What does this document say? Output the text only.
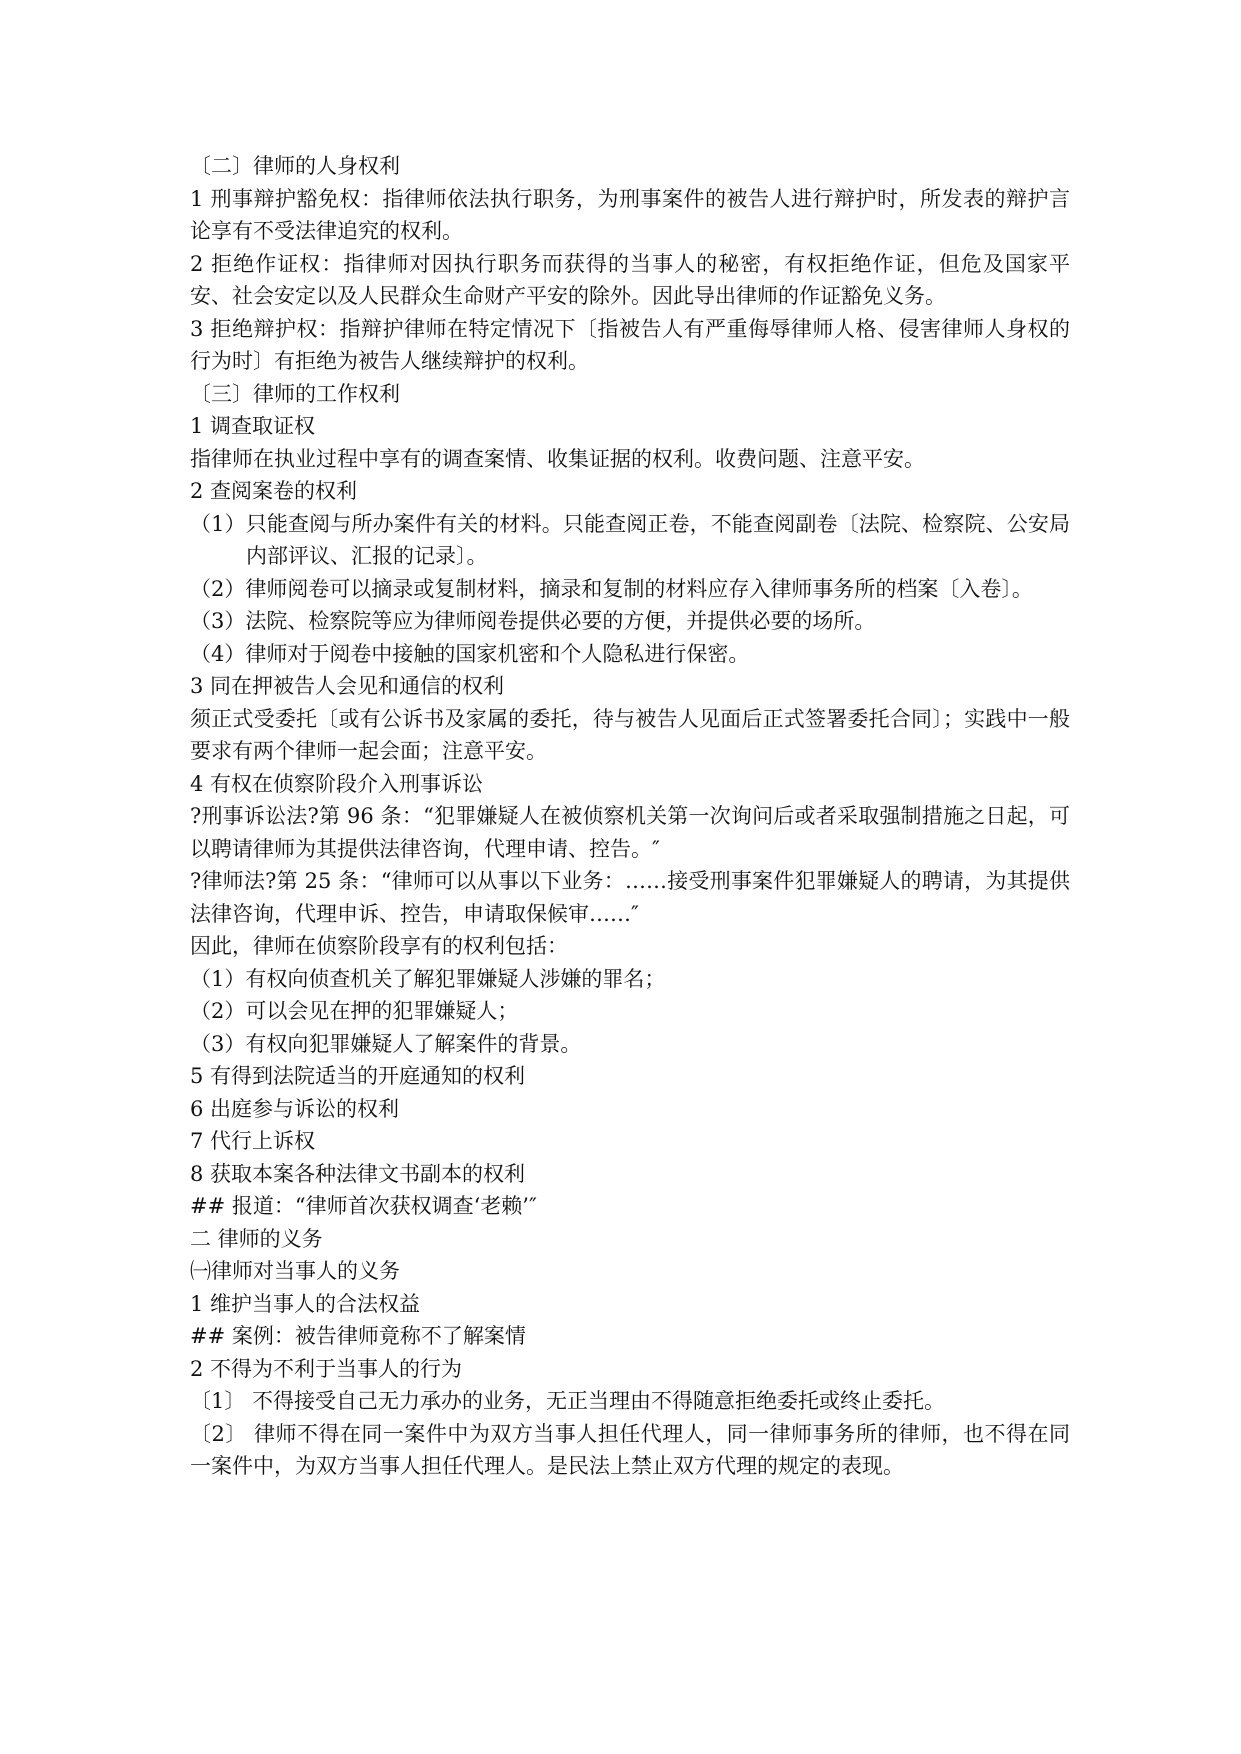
〔二〕律师的人身权利
1 刑事辩护豁免权：指律师依法执行职务，为刑事案件的被告人进行辩护时，所发表的辩护言论享有不受法律追究的权利。
2 拒绝作证权：指律师对因执行职务而获得的当事人的秘密，有权拒绝作证，但危及国家平安、社会安定以及人民群众生命财产平安的除外。因此导出律师的作证豁免义务。
3 拒绝辩护权：指辩护律师在特定情况下〔指被告人有严重侮辱律师人格、侵害律师人身权的行为时〕有拒绝为被告人继续辩护的权利。
〔三〕律师的工作权利
1 调查取证权
指律师在执业过程中享有的调查案情、收集证据的权利。收费问题、注意平安。
2 查阅案卷的权利
（1）只能查阅与所办案件有关的材料。只能查阅正卷，不能查阅副卷〔法院、检察院、公安局内部评议、汇报的记录〕。
（2）律师阅卷可以摘录或复制材料，摘录和复制的材料应存入律师事务所的档案〔入卷〕。
（3）法院、检察院等应为律师阅卷提供必要的方便，并提供必要的场所。
（4）律师对于阅卷中接触的国家机密和个人隐私进行保密。
3 同在押被告人会见和通信的权利
须正式受委托〔或有公诉书及家属的委托，待与被告人见面后正式签署委托合同〕；实践中一般要求有两个律师一起会面；注意平安。
4 有权在侦察阶段介入刑事诉讼
?刑事诉讼法?第 96 条：“犯罪嫌疑人在被侦察机关第一次询问后或者采取强制措施之日起，可以聘请律师为其提供法律咨询，代理申请、控告。″
?律师法?第 25 条：“律师可以从事以下业务：……接受刑事案件犯罪嫌疑人的聘请，为其提供法律咨询，代理申诉、控告，申请取保候审……″
因此，律师在侦察阶段享有的权利包括：
（1）有权向侦查机关了解犯罪嫌疑人涉嫌的罪名；
（2）可以会见在押的犯罪嫌疑人；
（3）有权向犯罪嫌疑人了解案件的背景。
5 有得到法院适当的开庭通知的权利
6 出庭参与诉讼的权利
7 代行上诉权
8 获取本案各种法律文书副本的权利
## 报道：“律师首次获权调查‘老赖’″
二 律师的义务
㈠律师对当事人的义务
1 维护当事人的合法权益
## 案例：被告律师竟称不了解案情
2 不得为不利于当事人的行为
〔1〕 不得接受自己无力承办的业务，无正当理由不得随意拒绝委托或终止委托。
〔2〕 律师不得在同一案件中为双方当事人担任代理人，同一律师事务所的律师，也不得在同一案件中，为双方当事人担任代理人。是民法上禁止双方代理的规定的表现。
